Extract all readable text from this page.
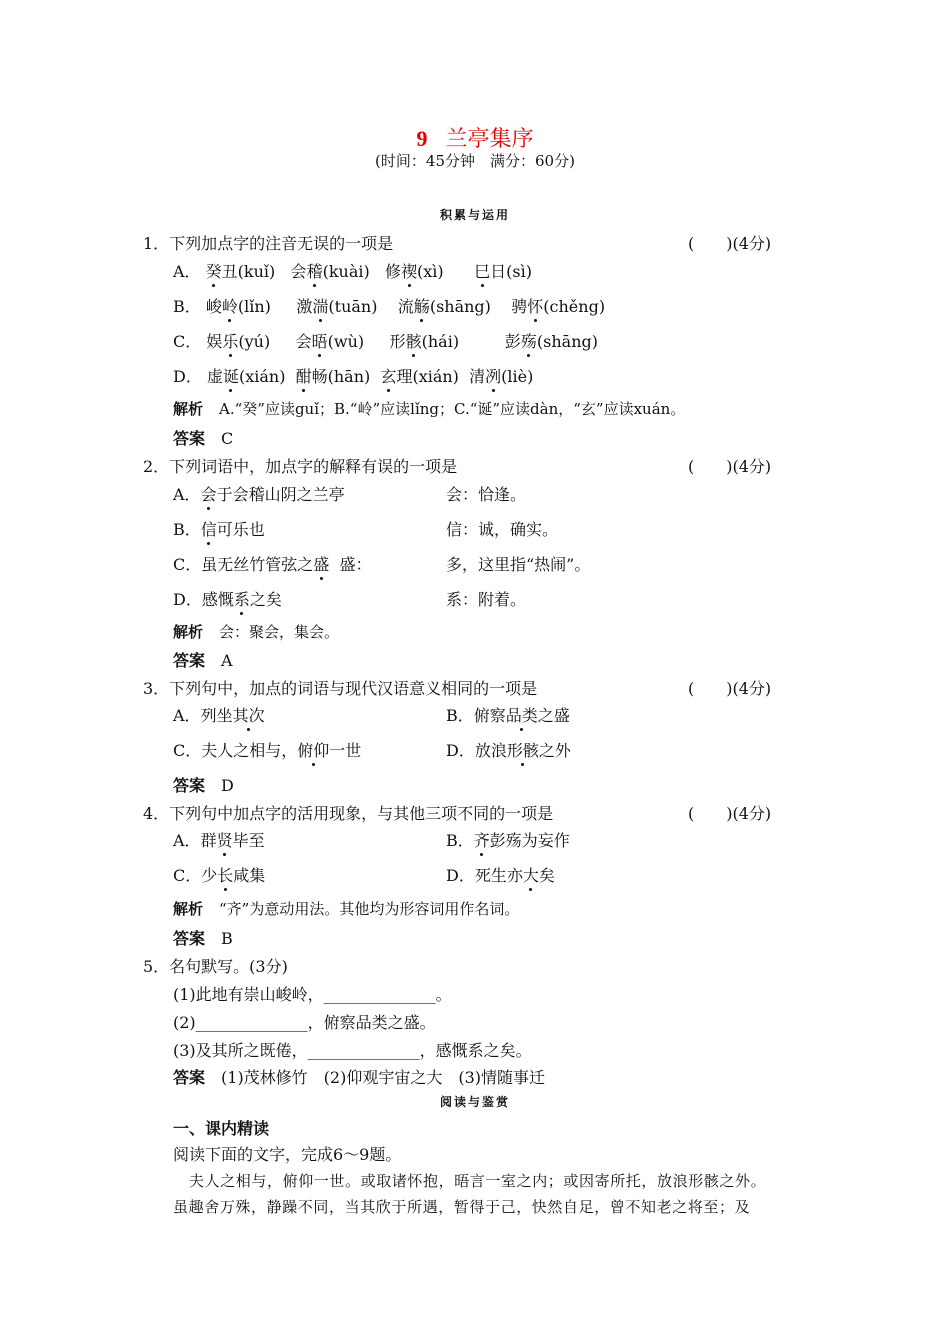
9 兰亭集序
(时间：45分钟　满分：60分)
积累与运用
1．下列加点字的注音无误的一项是	(　　)(4分)
A． 癸丑(kuǐ) 会稽(kuài) 修禊(xì) 巳日(sì)
B． 峻岭(lǐn) 激湍(tuān) 流觞(shāng) 骋怀(chěng)
C． 娱乐(yú) 会晤(wù) 形骸(hái)	彭殇(shāng)
D． 虚诞(xián) 酣畅(hān) 玄理(xián) 清冽(liè)
解析 A.“癸”应读guǐ；B.“岭”应读lǐng；C.“诞”应读dàn，“玄”应读xuán。
答案 C
2．下列词语中，加点字的解释有误的一项是	(　　)(4分)
A．会于会稽山阴之兰亭	会：恰逢。
B．信可乐也	信：诚，确实。
C．虽无丝竹管弦之盛  盛：	多，这里指“热闹”。
D．感慨系之矣	系：附着。
解析 会：聚会，集会。
答案 A
3．下列句中，加点的词语与现代汉语意义相同的一项是	(　　)(4分)
A．列坐其次	B．俯察品类之盛
C．夫人之相与，俯仰一世	D．放浪形骸之外
答案 D
4．下列句中加点字的活用现象，与其他三项不同的一项是	(　　)(4分)
A．群贤毕至	B．齐彭殇为妄作
C．少长咸集	D．死生亦大矣
解析 “齐”为意动用法。其他均为形容词用作名词。
答案 B
5．名句默写。(3分)
(1)此地有崇山峻岭，______________。
(2)______________，俯察品类之盛。
(3)及其所之既倦，______________，感慨系之矣。
答案 (1)茂林修竹　(2)仰观宇宙之大　(3)情随事迁
阅读与鉴赏
一、课内精读
阅读下面的文字，完成6～9题。
夫人之相与，俯仰一世。或取诸怀抱，晤言一室之内；或因寄所托，放浪形骸之外。
虽趣舍万殊，静躁不同，当其欣于所遇，暂得于己，快然自足，曾不知老之将至；及
